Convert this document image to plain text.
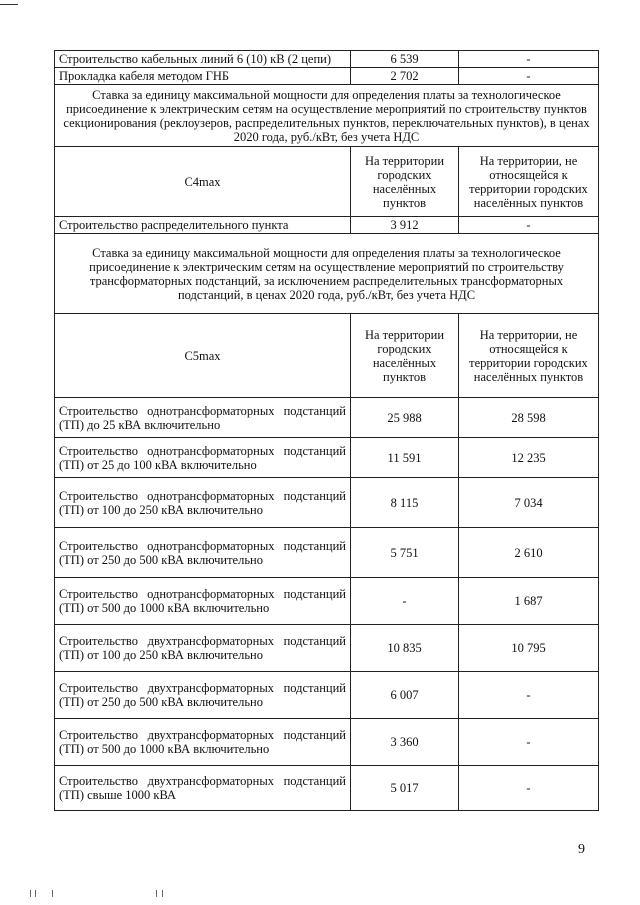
Строительство кабельных линий 6 (10) кВ (2 цепи)	6 539	-
Прокладка кабеля методом ГНБ	2 702	-
Ставка за единицу максимальной мощности для определения платы за технологическое присоединение к электрическим сетям на осуществление мероприятий по строительству пунктов секционирования (реклоузеров, распределительных пунктов, переключательных пунктов), в ценах 2020 года, руб./кВт, без учета НДС		
C4max	На территории городских населённых пунктов	На территории, не относящейся к территории городских населённых пунктов
Строительство распределительного пункта	3 912	-
Ставка за единицу максимальной мощности для определения платы за технологическое присоединение к электрическим сетям на осуществление мероприятий по строительству трансформаторных подстанций, за исключением распределительных трансформаторных подстанций, в ценах 2020 года, руб./кВт, без учета НДС		
C5max	На территории городских населённых пунктов	На территории, не относящейся к территории городских населённых пунктов
Строительство однотрансформаторных подстанций (ТП) до 25 кВА включительно	25 988	28 598
Строительство однотрансформаторных подстанций (ТП) от 25 до 100 кВА включительно	11 591	12 235
Строительство однотрансформаторных подстанций (ТП) от 100 до 250 кВА включительно	8 115	7 034
Строительство однотрансформаторных подстанций (ТП) от 250 до 500 кВА включительно	5 751	2 610
Строительство однотрансформаторных подстанций (ТП) от 500 до 1000 кВА включительно	-	1 687
Строительство двухтрансформаторных подстанций (ТП) от 100 до 250 кВА включительно	10 835	10 795
Строительство двухтрансформаторных подстанций (ТП) от 250 до 500 кВА включительно	6 007	-
Строительство двухтрансформаторных подстанций (ТП) от 500 до 1000 кВА включительно	3 360	-
Строительство двухтрансформаторных подстанций (ТП) свыше 1000 кВА	5 017	-
9
